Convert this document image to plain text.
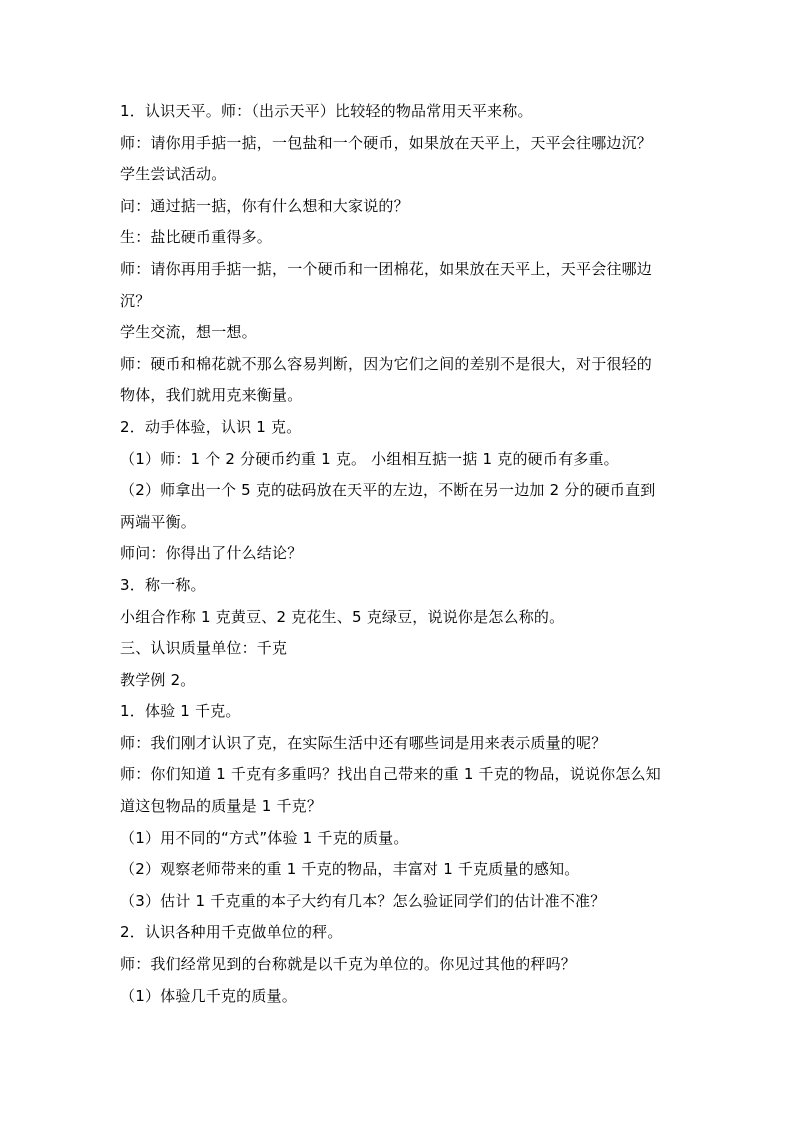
1．认识天平。师：（出示天平）比较轻的物品常用天平来称。
师：请你用手掂一掂，一包盐和一个硬币，如果放在天平上，天平会往哪边沉？
学生尝试活动。
问：通过掂一掂，你有什么想和大家说的？
生：盐比硬币重得多。
师：请你再用手掂一掂，一个硬币和一团棉花，如果放在天平上，天平会往哪边
沉？
学生交流，想一想。
师：硬币和棉花就不那么容易判断，因为它们之间的差别不是很大，对于很轻的
物体，我们就用克来衡量。
2．动手体验，认识 1 克。
（1）师：1 个 2 分硬币约重 1 克。 小组相互掂一掂 1 克的硬币有多重。
（2）师拿出一个 5 克的砝码放在天平的左边，不断在另一边加 2 分的硬币直到
两端平衡。
师问：你得出了什么结论？
3．称一称。
小组合作称 1 克黄豆、2 克花生、5 克绿豆，说说你是怎么称的。
三、认识质量单位：千克
教学例 2。
1．体验 1 千克。
师：我们刚才认识了克，在实际生活中还有哪些词是用来表示质量的呢？
师：你们知道 1 千克有多重吗？找出自己带来的重 1 千克的物品，说说你怎么知
道这包物品的质量是 1 千克？
（1）用不同的“方式”体验 1 千克的质量。
（2）观察老师带来的重 1 千克的物品，丰富对 1 千克质量的感知。
（3）估计 1 千克重的本子大约有几本？怎么验证同学们的估计准不准？
2．认识各种用千克做单位的秤。
师：我们经常见到的台称就是以千克为单位的。你见过其他的秤吗？
（1）体验几千克的质量。
